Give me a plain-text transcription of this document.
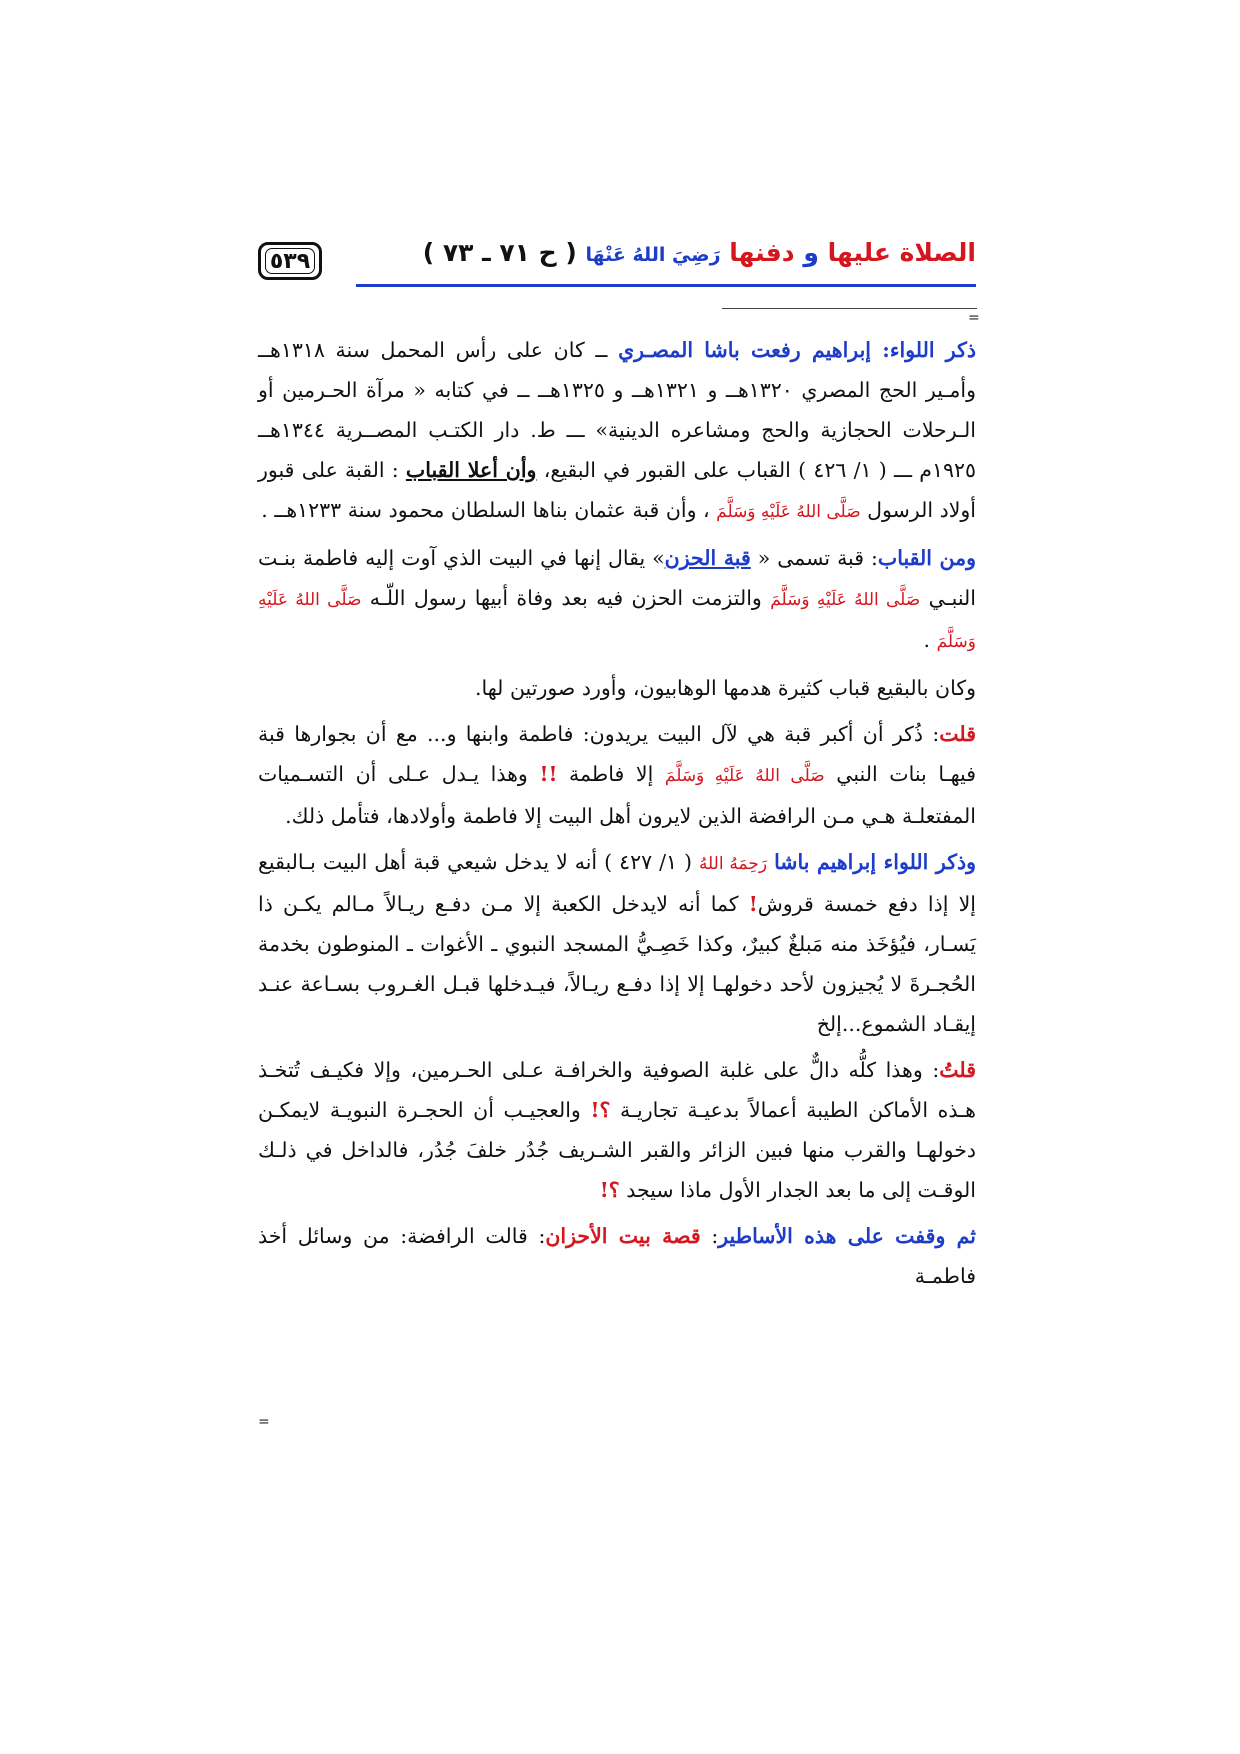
٥٣٩	الصلاة عليها و دفنها رَضِيَ اللهُ عَنْهَا ( ح ٧١ ـ ٧٣ )
=

ذكر اللواء: إبراهيم رفعت باشا المصـري ــ كان على رأس المحمل سنة ١٣١٨هــ وأمـير الحج المصري ١٣٢٠هــ و ١٣٢١هــ و ١٣٢٥هــ ــ في كتابه « مرآة الحـرمين أو الـرحلات الحجازية والحج ومشاعره الدينية» ـــ ط. دار الكتـب المصــرية ١٣٤٤هــ ١٩٢٥م ـــ ( ١/ ٤٢٦ ) القباب على القبور في البقيع، وأن أعلا القباب : القبة على قبور أولاد الرسول صَلَّى اللهُ عَلَيْهِ وَسَلَّمَ ، وأن قبة عثمان بناها السلطان محمود سنة ١٢٣٣هــ .

ومن القباب: قبة تسمى « قبة الحزن» يقال إنها في البيت الذي آوت إليه فاطمة بنـت النبـي صَلَّى اللهُ عَلَيْهِ وَسَلَّمَ والتزمت الحزن فيه بعد وفاة أبيها رسول اللّـه صَلَّى اللهُ عَلَيْهِ وَسَلَّمَ .

وكان بالبقيع قباب كثيرة هدمها الوهابيون، وأورد صورتين لها.

قلت: ذُكر أن أكبر قبة هي لآل البيت يريدون: فاطمة وابنها و... مع أن بجوارها قبة فيهـا بنات النبي صَلَّى اللهُ عَلَيْهِ وَسَلَّمَ إلا فاطمة !! وهذا يـدل عـلى أن التسـميات المفتعلـة هـي مـن الرافضة الذين لايرون أهل البيت إلا فاطمة وأولادها، فتأمل ذلك.

وذكر اللواء إبراهيم باشا رَحِمَهُ اللهُ ( ١/ ٤٢٧ ) أنه لا يدخل شيعي قبة أهل البيت بـالبقيع إلا إذا دفع خمسة قروش! كما أنه لايدخل الكعبة إلا مـن دفـع ريـالاً مـالم يكـن ذا يَسـار، فيُؤخَذ منه مَبلغٌ كبيرٌ، وكذا خَصِـيُّ المسجد النبوي ـ الأغوات ـ المنوطون بخدمة الحُجـرةَ لا يُجيزون لأحد دخولهـا إلا إذا دفـع ريـالاً، فيـدخلها قبـل الغـروب بسـاعة عنـد إيقـاد الشموع...إلخ

قلتُ: وهذا كلُّه دالٌّ على غلبة الصوفية والخرافـة عـلى الحـرمين، وإلا فكيـف تُتخـذ هـذه الأماكن الطيبة أعمالاً بدعيـة تجاريـة ؟! والعجيـب أن الحجـرة النبويـة لايمكـن دخولهـا والقرب منها فبين الزائر والقبر الشـريف جُدُر خلفَ جُدُر، فالداخل في ذلـك الوقـت إلى ما بعد الجدار الأول ماذا سيجد ؟!

ثم وقفت على هذه الأساطير: قصة بيت الأحزان: قالت الرافضة: من وسائل أخذ فاطمـة

=
